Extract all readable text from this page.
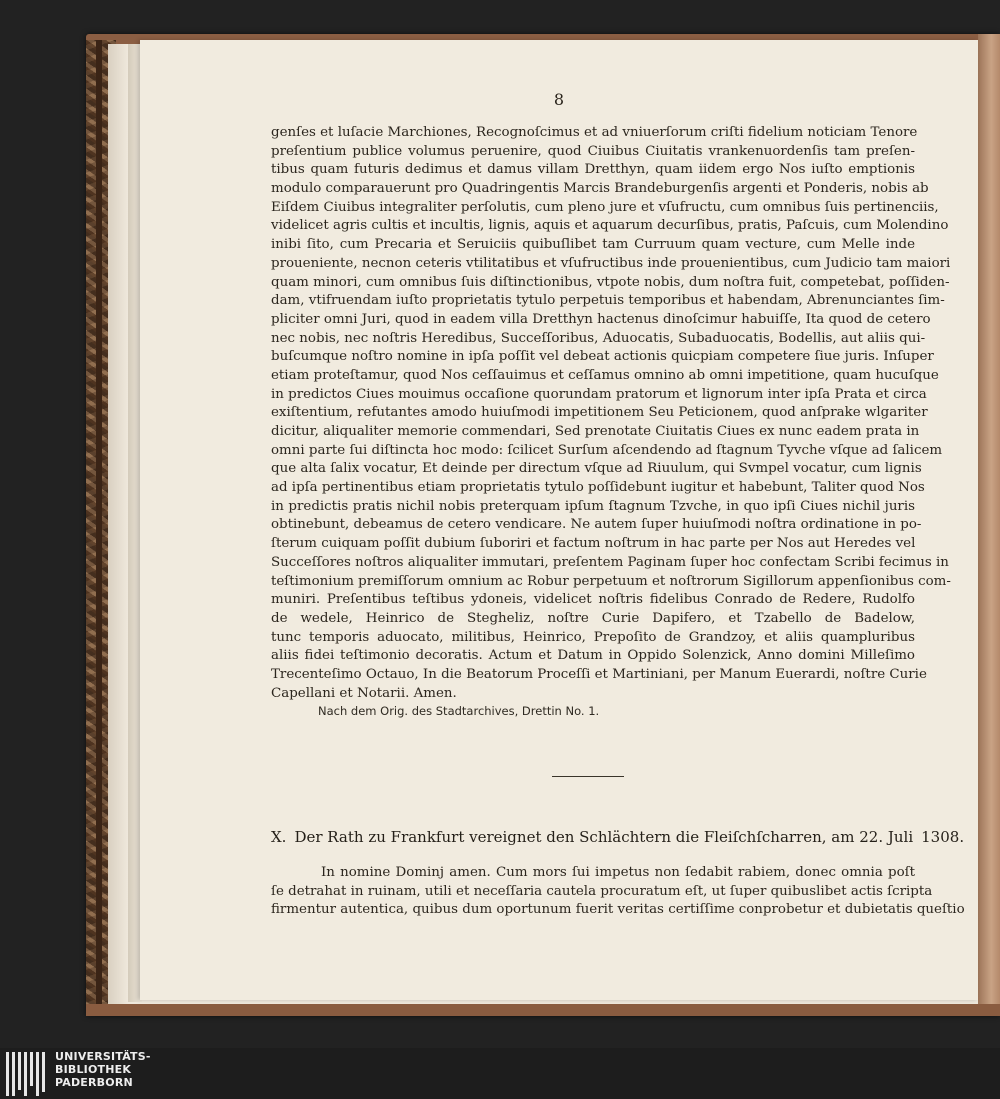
8
genſes et luſacie Marchiones, Recognoſcimus et ad vniuerſorum criſti fidelium noticiam Tenore
preſentium publice volumus peruenire, quod Ciuibus Ciuitatis vrankenuordenſis tam preſen-
tibus quam futuris dedimus et damus villam Dretthyn, quam iidem ergo Nos iuſto emptionis
modulo comparauerunt pro Quadringentis Marcis Brandeburgenſis argenti et Ponderis, nobis ab
Eiſdem Ciuibus integraliter perſolutis, cum pleno jure et vſufructu, cum omnibus ſuis pertinenciis,
videlicet agris cultis et incultis, lignis, aquis et aquarum decurſibus, pratis, Paſcuis, cum Molendino
inibi ſito, cum Precaria et Seruiciis quibuſlibet tam Curruum quam vecture, cum Melle inde
proueniente, necnon ceteris vtilitatibus et vſufructibus inde prouenientibus, cum Judicio tam maiori
quam minori, cum omnibus ſuis diſtinctionibus, vtpote nobis, dum noſtra fuit, competebat, poſſiden-
dam, vtifruendam iuſto proprietatis tytulo perpetuis temporibus et habendam, Abrenunciantes ſim-
pliciter omni Juri, quod in eadem villa Dretthyn hactenus dinoſcimur habuiſſe, Ita quod de cetero
nec nobis, nec noſtris Heredibus, Succeſſoribus, Aduocatis, Subaduocatis, Bodellis, aut aliis qui-
buſcumque noſtro nomine in ipſa poſſit vel debeat actionis quicpiam competere ſiue juris. Inſuper
etiam proteſtamur, quod Nos ceſſauimus et ceſſamus omnino ab omni impetitione, quam hucuſque
in predictos Ciues mouimus occaſione quorundam pratorum et lignorum inter ipſa Prata et circa
exiſtentium, refutantes amodo huiuſmodi impetitionem Seu Peticionem, quod anſprake wlgariter
dicitur, aliqualiter memorie commendari, Sed prenotate Ciuitatis Ciues ex nunc eadem prata in
omni parte ſui diſtincta hoc modo: ſcilicet Surſum aſcendendo ad ſtagnum Tyvche vſque ad ſalicem
que alta ſalix vocatur, Et deinde per directum vſque ad Riuulum, qui Svmpel vocatur, cum lignis
ad ipſa pertinentibus etiam proprietatis tytulo poſſidebunt iugitur et habebunt, Taliter quod Nos
in predictis pratis nichil nobis preterquam ipſum ſtagnum Tzvche, in quo ipſi Ciues nichil juris
obtinebunt, debeamus de cetero vendicare. Ne autem ſuper huiuſmodi noſtra ordinatione in po-
ſterum cuiquam poſſit dubium ſuboriri et factum noſtrum in hac parte per Nos aut Heredes vel
Succeſſores noſtros aliqualiter immutari, preſentem Paginam ſuper hoc confectam Scribi fecimus in
teſtimonium premiſſorum omnium ac Robur perpetuum et noſtrorum Sigillorum appenſionibus com-
muniri. Preſentibus teſtibus ydoneis, videlicet noſtris fidelibus Conrado de Redere, Rudolfo
de wedele, Heinrico de Stegheliz, noſtre Curie Dapifero, et Tzabello de Badelow,
tunc temporis aduocato, militibus, Heinrico, Prepoſito de Grandzoy, et aliis quampluribus
aliis fidei teſtimonio decoratis. Actum et Datum in Oppido Solenzick, Anno domini Milleſimo
Trecenteſimo Octauo, In die Beatorum Proceſſi et Martiniani, per Manum Euerardi, noſtre Curie
Capellani et Notarii. Amen.
Nach dem Orig. des Stadtarchives, Drettin No. 1.
X. Der Rath zu Frankfurt vereignet den Schlächtern die Fleiſchſcharren, am 22. Juli 1308.
In nomine Dominj amen. Cum mors ſui impetus non ſedabit rabiem, donec omnia poſt
ſe detrahat in ruinam, utili et neceſſaria cautela procuratum eſt, ut ſuper quibuslibet actis ſcripta
firmentur autentica, quibus dum oportunum fuerit veritas certiſſime conprobetur et dubietatis queſtio
UNIVERSITÄTS-
BIBLIOTHEK
PADERBORN
